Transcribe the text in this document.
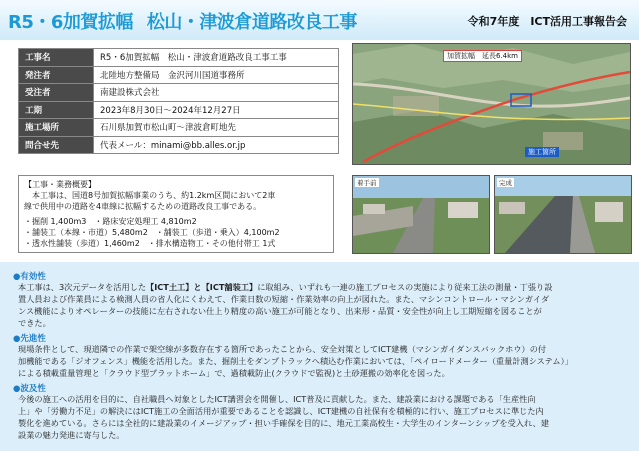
R5・6加賀拡幅 松山・津波倉道路改良工事	令和7年度　ICT活用工事報告会
工事名	R5・6加賀拡幅　松山・津波倉道路改良工事工事
発注者	北陸地方整備局　金沢河川国道事務所
受注者	南建設株式会社
工期	2023年8月30日～2024年12月27日
施工場所	石川県加賀市松山町～津波倉町地先
問合せ先	代表メール：minami@bb.alles.or.jp
加賀拡幅　延長6.4km
施工箇所
【工事・業務概要】
　本工事は、国道8号加賀拡幅事業のうち、約1.2km区間において2車
線で供用中の道路を4車線に拡幅するための道路改良工事である。
・掘削 1,400m3　・路床安定処理工 4,810m2
・舗装工（本線・市道）5,480m2　・舗装工（歩道・乗入）4,100m2
・透水性舗装（歩道）1,460m2　・排水構造物工・その他付帯工 1式
着手前	完成
●有効性
本工事は、3次元データを活用した【ICT土工】と【ICT舗装工】に取組み、いずれも一連の施工プロセスの実施により従来工法の測量・丁張り設
置人員および作業員による検測人員の省人化にくわえて、作業日数の短縮・作業効率の向上が図れた。また、マシンコントロール・マシンガイダ
ンス機能によりオペレーターの技能に左右されない仕上り精度の高い施工が可能となり、出来形・品質・安全性が向上し工期短縮を図ることが
できた。
●先進性
現場条件として、現道隣での作業で架空線が多数存在する箇所であったことから、安全対策としてICT建機（マシンガイダンスバックホウ）の付
加機能である「ジオフェンス」機能を活用した。また、掘削土をダンプトラックへ積込む作業においては、「ペイロードメーター（重量計測システム）」
による積載重量管理と「クラウド型プラットホーム」で、過積載防止(クラウドで監視)と土砂運搬の効率化を図った。
●波及性
今後の施工への活用を目的に、自社職員へ対象としたICT講習会を開催し、ICT普及に貢献した。また、建設業における課題である「生産性向
上」や「労働力不足」の解決にはICT施工の全面活用が重要であることを認識し、ICT建機の自社保有を積極的に行い、施工プロセスに準じた内
製化を進めている。さらには全社的に建設業のイメージアップ・担い手確保を目的に、地元工業高校生・大学生のインターンシップを受入れ、建
設業の魅力発進に寄与した。
